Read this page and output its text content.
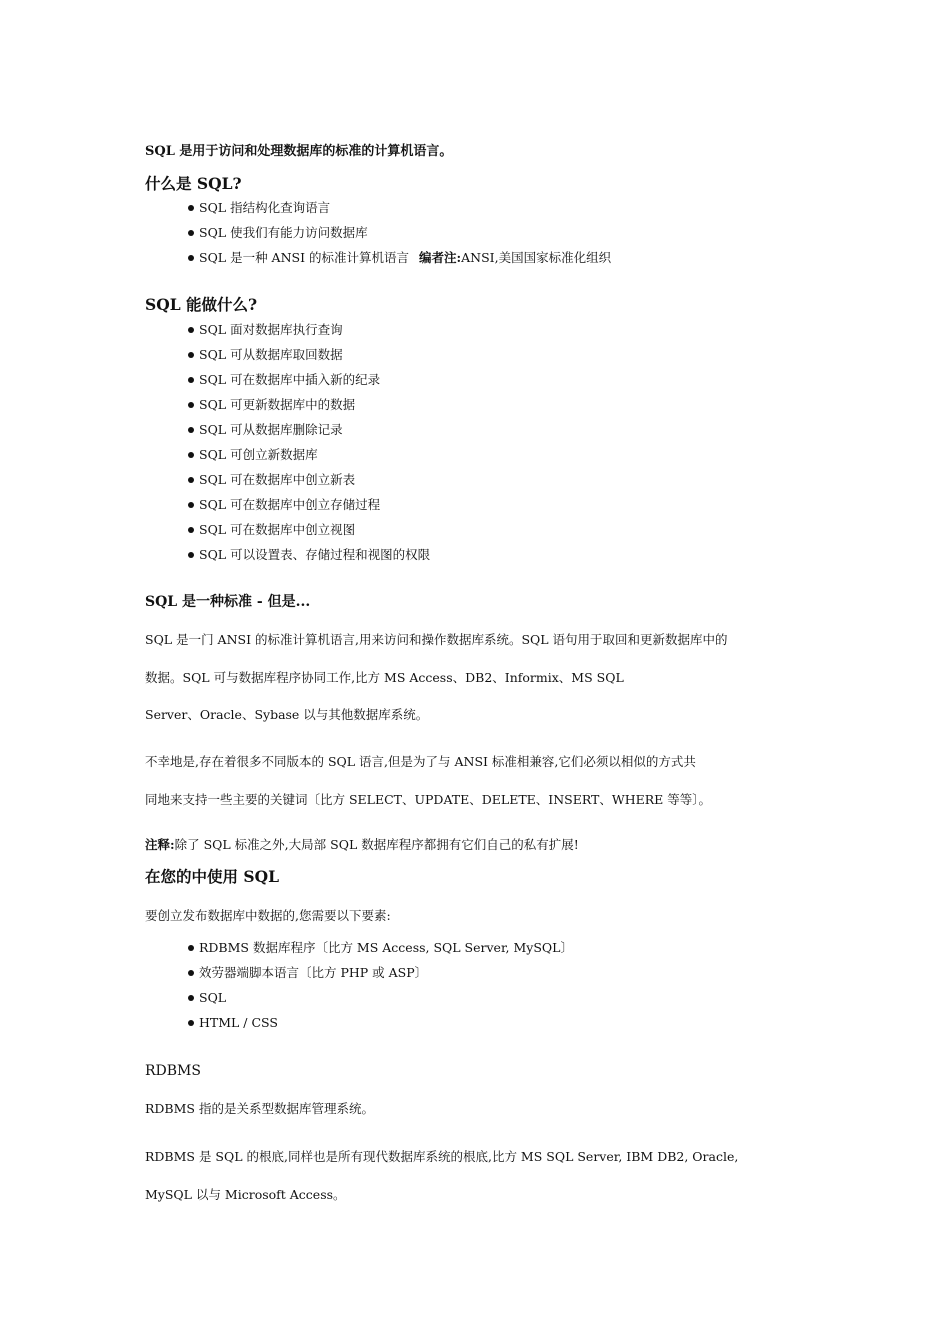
SQL 是用于访问和处理数据库的标准的计算机语言。
什么是 SQL?
SQL 指结构化查询语言
SQL 使我们有能力访问数据库
SQL 是一种 ANSI 的标准计算机语言 编者注:ANSI,美国国家标准化组织
SQL 能做什么?
SQL 面对数据库执行查询
SQL 可从数据库取回数据
SQL 可在数据库中插入新的纪录
SQL 可更新数据库中的数据
SQL 可从数据库删除记录
SQL 可创立新数据库
SQL 可在数据库中创立新表
SQL 可在数据库中创立存储过程
SQL 可在数据库中创立视图
SQL 可以设置表、存储过程和视图的权限
SQL 是一种标准 - 但是...
SQL 是一门 ANSI 的标准计算机语言,用来访问和操作数据库系统。SQL 语句用于取回和更新数据库中的
数据。SQL 可与数据库程序协同工作,比方 MS Access、DB2、Informix、MS SQL
Server、Oracle、Sybase 以与其他数据库系统。
不幸地是,存在着很多不同版本的 SQL 语言,但是为了与 ANSI 标准相兼容,它们必须以相似的方式共
同地来支持一些主要的关键词〔比方 SELECT、UPDATE、DELETE、INSERT、WHERE 等等〕。
注释:除了 SQL 标准之外,大局部 SQL 数据库程序都拥有它们自己的私有扩展!
在您的中使用 SQL
要创立发布数据库中数据的,您需要以下要素:
RDBMS 数据库程序〔比方 MS Access, SQL Server, MySQL〕
效劳器端脚本语言〔比方 PHP 或 ASP〕
SQL
HTML / CSS
RDBMS
RDBMS 指的是关系型数据库管理系统。
RDBMS 是 SQL 的根底,同样也是所有现代数据库系统的根底,比方 MS SQL Server, IBM DB2, Oracle,
MySQL 以与 Microsoft Access。
